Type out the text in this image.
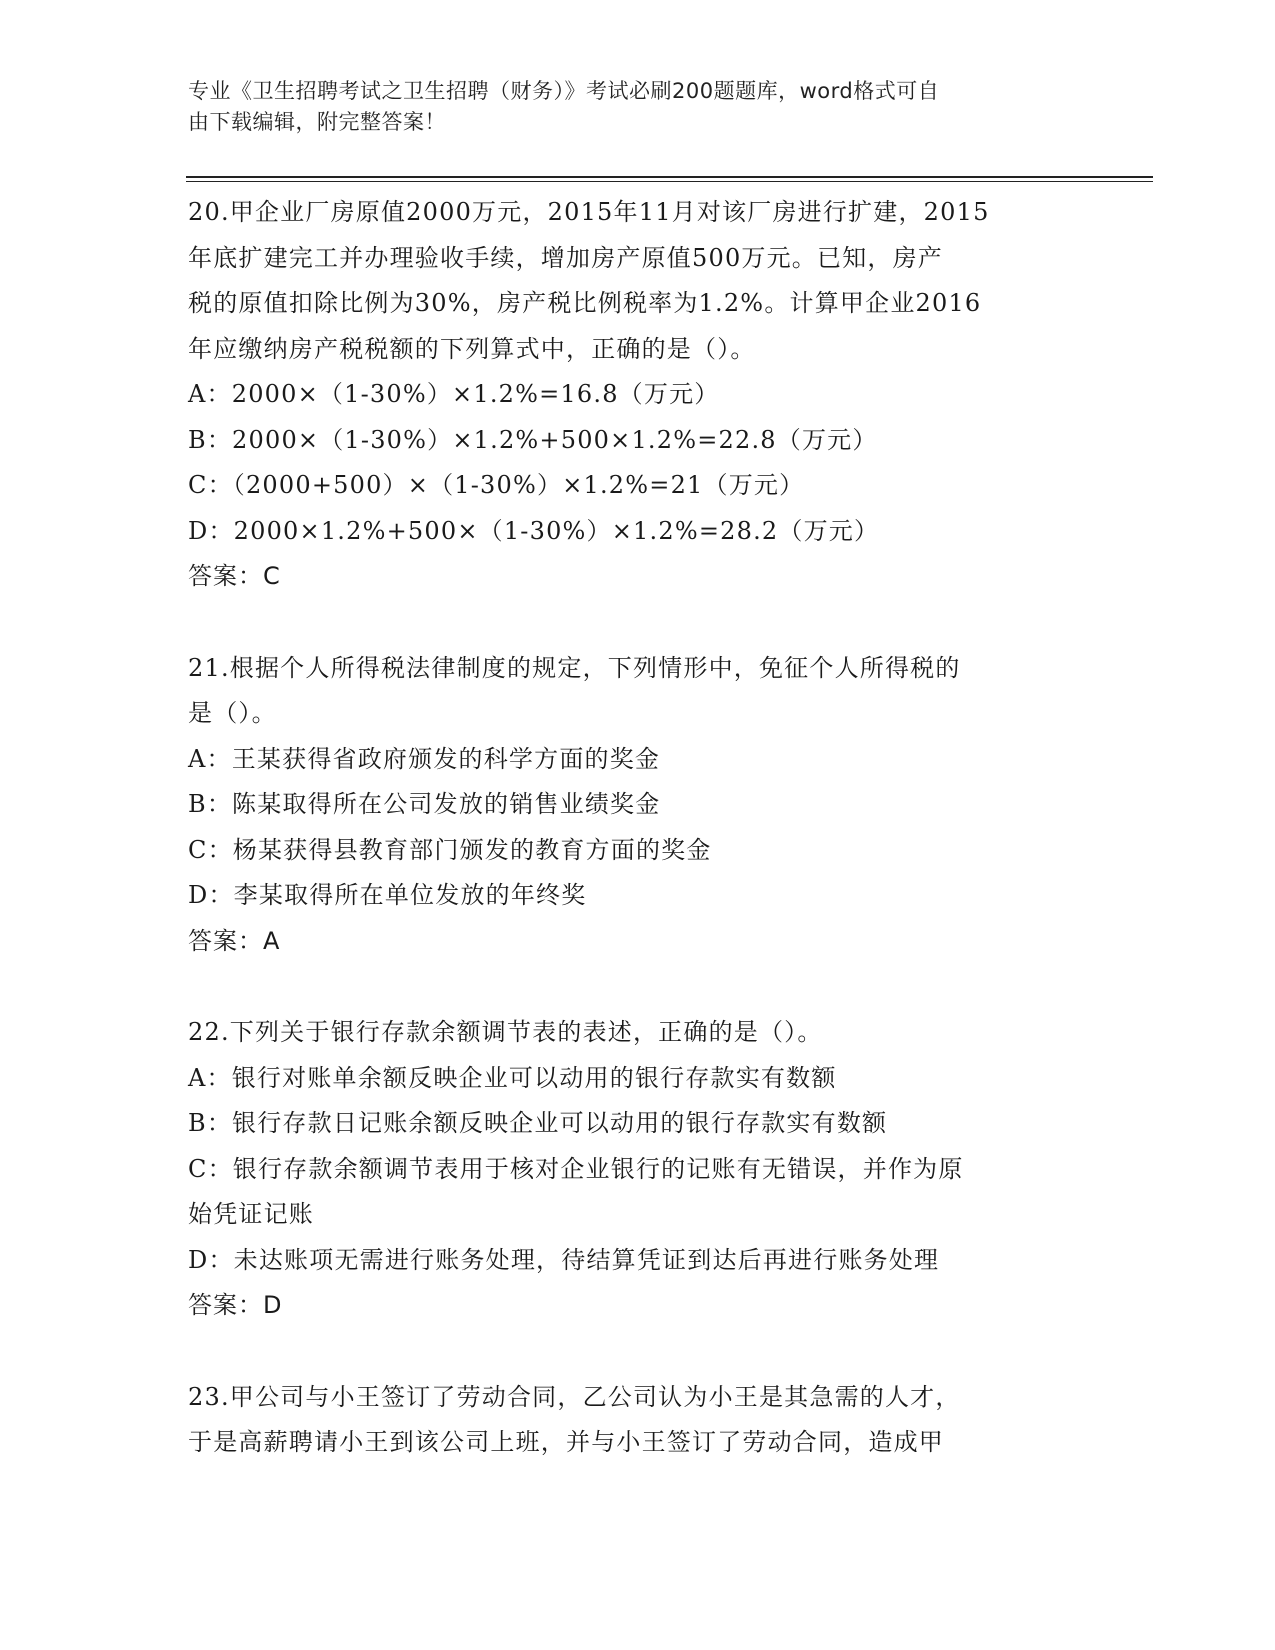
专业《卫生招聘考试之卫生招聘（财务）》考试必刷200题题库，word格式可自
由下载编辑，附完整答案！
20.甲企业厂房原值2000万元，2015年11月对该厂房进行扩建，2015
年底扩建完工并办理验收手续，增加房产原值500万元。已知，房产
税的原值扣除比例为30%，房产税比例税率为1.2%。计算甲企业2016
年应缴纳房产税税额的下列算式中，正确的是（）。
A：2000×（1-30%）×1.2%=16.8（万元）
B：2000×（1-30%）×1.2%+500×1.2%=22.8（万元）
C：（2000+500）×（1-30%）×1.2%=21（万元）
D：2000×1.2%+500×（1-30%）×1.2%=28.2（万元）
答案：C
21.根据个人所得税法律制度的规定，下列情形中，免征个人所得税的
是（）。
A：王某获得省政府颁发的科学方面的奖金
B：陈某取得所在公司发放的销售业绩奖金
C：杨某获得县教育部门颁发的教育方面的奖金
D：李某取得所在单位发放的年终奖
答案：A
22.下列关于银行存款余额调节表的表述，正确的是（）。
A：银行对账单余额反映企业可以动用的银行存款实有数额
B：银行存款日记账余额反映企业可以动用的银行存款实有数额
C：银行存款余额调节表用于核对企业银行的记账有无错误，并作为原
始凭证记账
D：未达账项无需进行账务处理，待结算凭证到达后再进行账务处理
答案：D
23.甲公司与小王签订了劳动合同，乙公司认为小王是其急需的人才，
于是高薪聘请小王到该公司上班，并与小王签订了劳动合同，造成甲
